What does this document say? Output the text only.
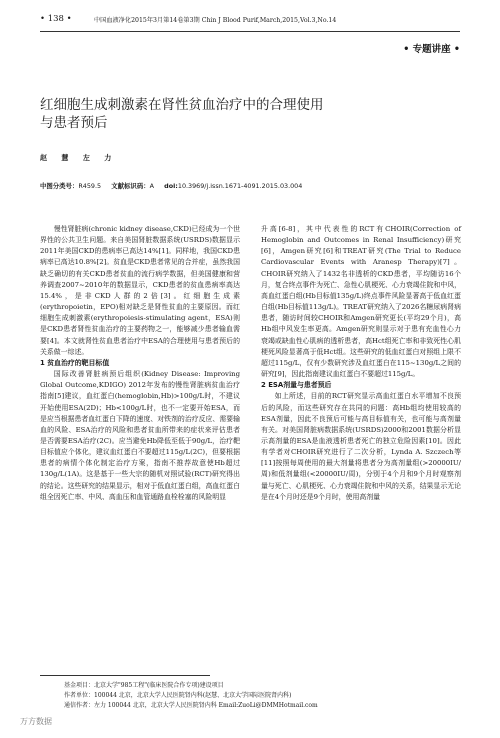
• 138 •	中国血液净化2015年3月第14卷第3期 Chin J Blood Purif,March,2015,Vol.3,No.14
• 专题讲座 •
红细胞生成刺激素在肾性贫血治疗中的合理使用
与患者预后
赵 慧 左 力
中图分类号：R459.5 文献标识码：A doi:10.3969/j.issn.1671-4091.2015.03.004

慢性肾脏病(chronic kidney disease,CKD)已经成为一个世界性的公共卫生问题。来自美国肾脏数据系统(USRDS)数据显示2011年美国CKD的患病率已高达14%[1]。同样地，我国CKD患病率已高达10.8%[2]。贫血是CKD患者常见的合并症，虽然我国缺乏确切的有关CKD患者贫血的流行病学数据，但美国健康和营养调查2007~2010年的数据显示，CKD患者的贫血患病率高达15.4%，是非CKD人群的2倍[3]。红细胞生成素(erythropoietin，EPO)相对缺乏是肾性贫血的主要原因。而红细胞生成刺激素(erythropoiesis-stimulating agent，ESA)则是CKD患者肾性贫血治疗的主要药物之一，能够减少患者输血需要[4]。本文就肾性贫血患者治疗中ESA的合理使用与患者预后的关系做一综述。

1 贫血治疗的靶目标值

国际改善肾脏病预后组织(Kidney Disease: Improving Global Outcome,KDIGO) 2012年发布的慢性肾脏病贫血治疗指南[5]建议，血红蛋白(hemoglobin,Hb)>100g/L时，不建议开始使用ESA(2D)；Hb<100g/L时，也不一定要开始ESA，而是应当根据患者血红蛋白下降的速度、对铁剂的治疗反应、需要输血的风险、ESA治疗的风险和患者贫血所带来的症状来评估患者是否需要ESA治疗(2C)。应当避免Hb降低至低于90g/L，治疗靶目标值应个体化，建议血红蛋白不要超过115g/L(2C)，但要根据患者的病情个体化制定治疗方案，指南不推荐故意使Hb超过130g/L(1A)。这是基于一些大宗的随机对照试验(RCT)研究得出的结论。这些研究的结果显示，相对于低血红蛋白组，高血红蛋白组全因死亡率、中风、高血压和血管通路血栓栓塞的风险明显

升高[6-8]，其中代表性的RCT有CHOIR(Correction of Hemoglobin and Outcomes in Renal Insufficiency)研究[6]，Amgen研究[6]和TREAT研究(The Trial to Reduce Cardiovascular Events with Aranesp Therapy)[7]。CHOIR研究纳入了1432名非透析的CKD患者，平均随访16个月，复合终点事件为死亡、急性心肌梗死、心力衰竭住院和中风，高血红蛋白组(Hb目标值135g/L)终点事件风险显著高于低血红蛋白组(Hb目标值113g/L)。TREAT研究纳入了2026名糖尿病肾病患者，随访时间较CHOIR和Amgen研究更长(平均29个月)，高Hb组中风发生率更高。Amgen研究则显示对于患有充血性心力衰竭或缺血性心肌病的透析患者，高Hct组死亡率和非致死性心肌梗死风险显著高于低Hct组。这些研究的低血红蛋白对照组上限不超过115g/L，仅有少数研究涉及血红蛋白在115~130g/L之间的研究[9]，因此指南建议血红蛋白不要超过115g/L。

2 ESA剂量与患者预后

如上所述，目前的RCT研究显示高血红蛋白水平增加不良预后的风险，而这些研究存在共同的问题：高Hb组均使用较高的ESA剂量，因此不良预后可能与高目标值有关，也可能与高剂量有关。对美国肾脏病数据系统(USRDS)2000和2001数据分析显示高剂量的ESA是血液透析患者死亡的独立危险因素[10]。因此有学者对CHOIR研究进行了二次分析，Lynda A. Szczech等[11]按照每周使用的最大剂量将患者分为高剂量组(>20000IU/周)和低剂量组(<20000IU/周)，分别于4个月和9个月时观察剂量与死亡、心肌梗死、心力衰竭住院和中风的关系，结果显示无论是在4个月时还是9个月时，使用高剂量

基金项目：北京大学"985工程"(临床医院合作专项)建设项目
作者单位：100044 北京，北京大学人民医院肾内科(赵慧、北京大学国际医院肾内科)
通信作者：左力 100044 北京，北京大学人民医院肾内科 Email:ZuoLi@DMMHotmail.com
万方数据
